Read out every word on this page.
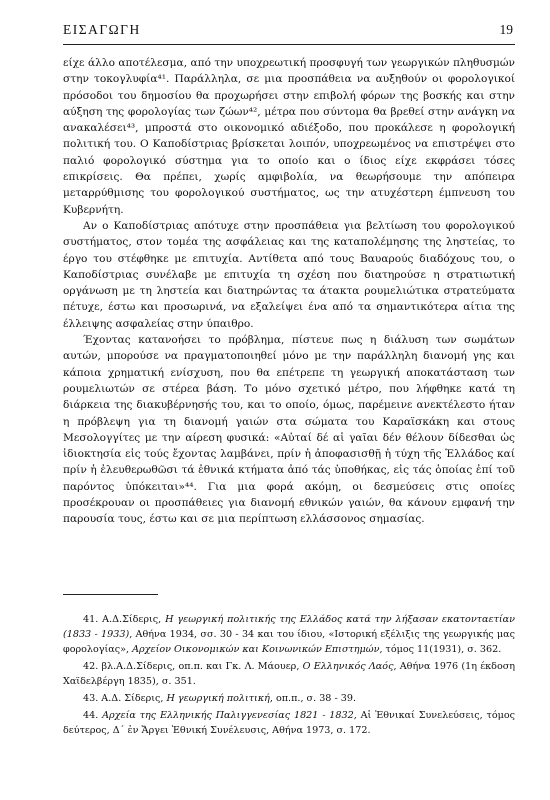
ΕΙΣΑΓΩΓΗ	19

είχε άλλο αποτέλεσμα, από την υποχρεωτική προσφυγή των γεωργικών πληθυσμών στην τοκογλυφία⁴¹. Παράλληλα, σε μια προσπάθεια να αυξηθούν οι φορολογικοί πρόσοδοι του δημοσίου θα προχωρήσει στην επιβολή φόρων της βοσκής και στην αύξηση της φορολογίας των ζώων⁴², μέτρα που σύντομα θα βρεθεί στην ανάγκη να ανακαλέσει⁴³, μπροστά στο οικονομικό αδιέξοδο, που προκάλεσε η φορολογική πολιτική του. Ο Καποδίστριας βρίσκεται λοιπόν, υποχρεωμένος να επιστρέψει στο παλιό φορολογικό σύστημα για το οποίο και ο ίδιος είχε εκφράσει τόσες επικρίσεις. Θα πρέπει, χωρίς αμφιβολία, να θεωρήσουμε την απόπειρα μεταρρύθμισης του φορολογικού συστήματος, ως την ατυχέστερη έμπνευση του Κυβερνήτη.

Αν ο Καποδίστριας απότυχε στην προσπάθεια για βελτίωση του φορολογικού συστήματος, στον τομέα της ασφάλειας και της καταπολέμησης της ληστείας, το έργο του στέφθηκε με επιτυχία. Αντίθετα από τους Βαυαρούς διαδόχους του, ο Καποδίστριας συνέλαβε με επιτυχία τη σχέση που διατηρούσε η στρατιωτική οργάνωση με τη ληστεία και διατηρώντας τα άτακτα ρουμελιώτικα στρατεύματα πέτυχε, έστω και προσωρινά, να εξαλείψει ένα από τα σημαντικότερα αίτια της έλλειψης ασφαλείας στην ύπαιθρο.

Έχοντας κατανοήσει το πρόβλημα, πίστευε πως η διάλυση των σωμάτων αυτών, μπορούσε να πραγματοποιηθεί μόνο με την παράλληλη διανομή γης και κάποια χρηματική ενίσχυση, που θα επέτρεπε τη γεωργική αποκατάσταση των ρουμελιωτών σε στέρεα βάση. Το μόνο σχετικό μέτρο, που λήφθηκε κατά τη διάρκεια της διακυβέρνησής του, και το οποίο, όμως, παρέμεινε ανεκτέλεστο ήταν η πρόβλεψη για τη διανομή γαιών στα σώματα του Καραϊσκάκη και στους Μεσολογγίτες με την αίρεση φυσικά: «Αὐταί δέ αἱ γαῖαι δέν θέλουν δίδεσθαι ὡς ἰδιοκτησία εἰς τούς ἔχοντας λαμβάνει, πρίν ἡ ἀποφασισθῇ ἡ τύχη τῆς Ἑλλάδος καί πρίν ἡ ἐλευθερωθῶσι τά ἐθνικά κτήματα ἀπό τάς ὑποθήκας, εἰς τάς ὁποίας ἐπί τοῦ παρόντος ὑπόκειται»⁴⁴. Για μια φορά ακόμη, οι δεσμεύσεις στις οποίες προσέκρουαν οι προσπάθειες για διανομή εθνικών γαιών, θα κάνουν εμφανή την παρουσία τους, έστω και σε μια περίπτωση ελλάσσονος σημασίας.

41. Α.Δ.Σίδερις, Η γεωργική πολιτικής της Ελλάδος κατά την λήξασαν εκατονταετίαν (1833 - 1933), Αθήνα 1934, σσ. 30 - 34 και του ίδιου, «Ιστορική εξέλιξις της γεωργικής μας φορολογίας», Αρχείον Οικονομικών και Κοινωνικών Επιστημών, τόμος 11(1931), σ. 362.

42. βλ.Α.Δ.Σίδερις, οπ.π. και Γκ. Λ. Μάουερ, Ο Ελληνικός Λαός, Αθήνα 1976 (1η έκδοση Χαϊδελβέργη 1835), σ. 351.

43. Α.Δ. Σίδερις, Η γεωργική πολιτική, οπ.π., σ. 38 - 39.

44. Αρχεία της Ελληνικής Παλιγγενεσίας 1821 - 1832, Αἱ Ἐθνικαί Συνελεύσεις, τόμος δεύτερος, Δ΄ ἐν Ἄργει Ἐθνική Συνέλευσις, Αθήνα 1973, σ. 172.
